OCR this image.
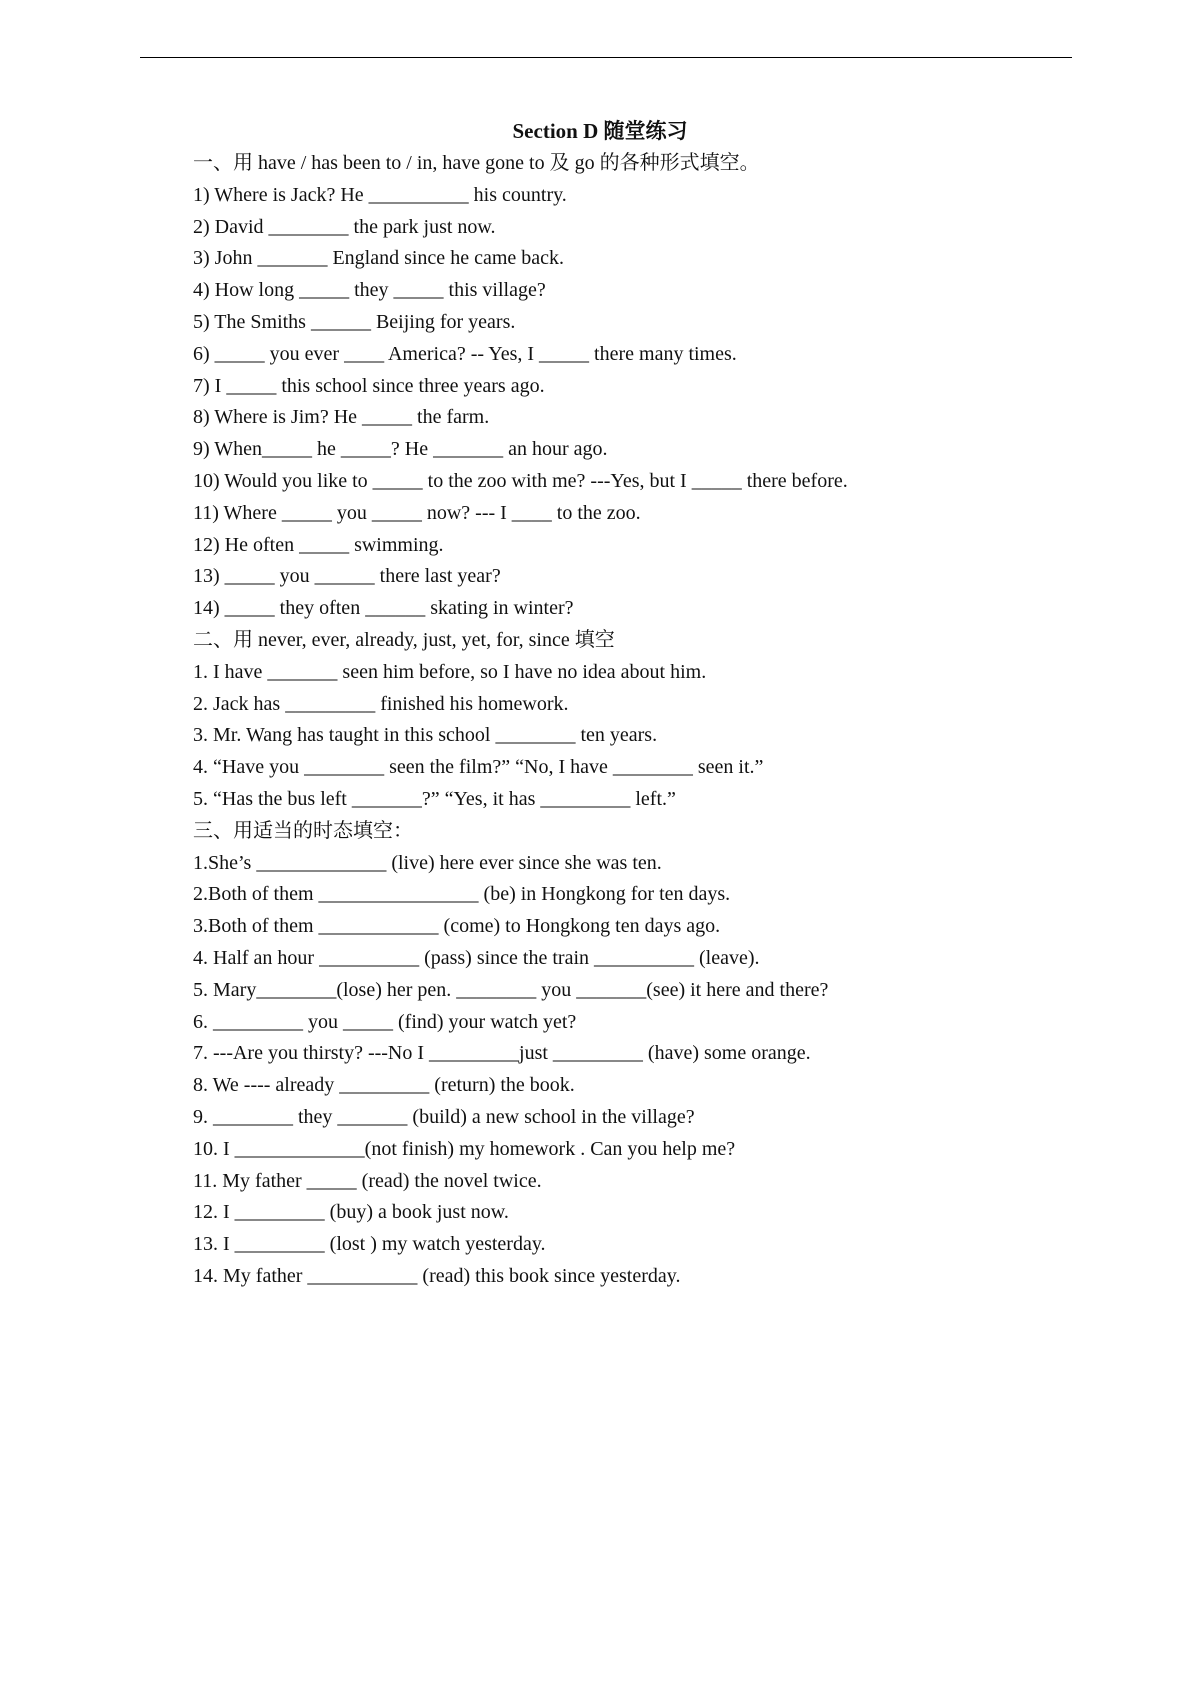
Section D 随堂练习
一、用 have / has been to / in, have gone to 及 go 的各种形式填空。
1) Where is Jack? He __________ his country.
2) David ________ the park just now.
3) John _______ England since he came back.
4) How long _____ they _____ this village?
5) The Smiths ______ Beijing for years.
6) _____ you ever ____ America? -- Yes, I _____ there many times.
7) I _____ this school since three years ago.
8) Where is Jim? He _____ the farm.
9) When_____ he _____? He _______ an hour ago.
10) Would you like to _____ to the zoo with me? ---Yes, but I _____ there before.
11) Where _____ you _____ now? --- I ____ to the zoo.
12) He often _____ swimming.
13) _____ you ______ there last year?
14) _____ they often ______ skating in winter?
二、用 never, ever, already, just, yet, for, since 填空
1. I have _______ seen him before, so I have no idea about him.
2. Jack has _________ finished his homework.
3. Mr. Wang has taught in this school ________ ten years.
4. “Have you ________ seen the film?” “No, I have ________ seen it.”
5. “Has the bus left _______?” “Yes, it has _________ left.”
三、用适当的时态填空：
1.She’s _____________ (live) here ever since she was ten.
2.Both of them ________________ (be) in Hongkong for ten days.
3.Both of them ____________ (come) to Hongkong ten days ago.
4. Half an hour __________ (pass) since the train __________ (leave).
5. Mary________(lose) her pen. ________ you _______(see) it here and there?
6. _________ you _____ (find) your watch yet?
7. ---Are you thirsty? ---No I _________just _________ (have) some orange.
8. We ---- already _________ (return) the book.
9. ________ they _______ (build) a new school in the village?
10. I _____________(not finish) my homework . Can you help me?
11. My father _____ (read) the novel twice.
12. I _________ (buy) a book just now.
13. I _________ (lost ) my watch yesterday.
14. My father ___________ (read) this book since yesterday.
